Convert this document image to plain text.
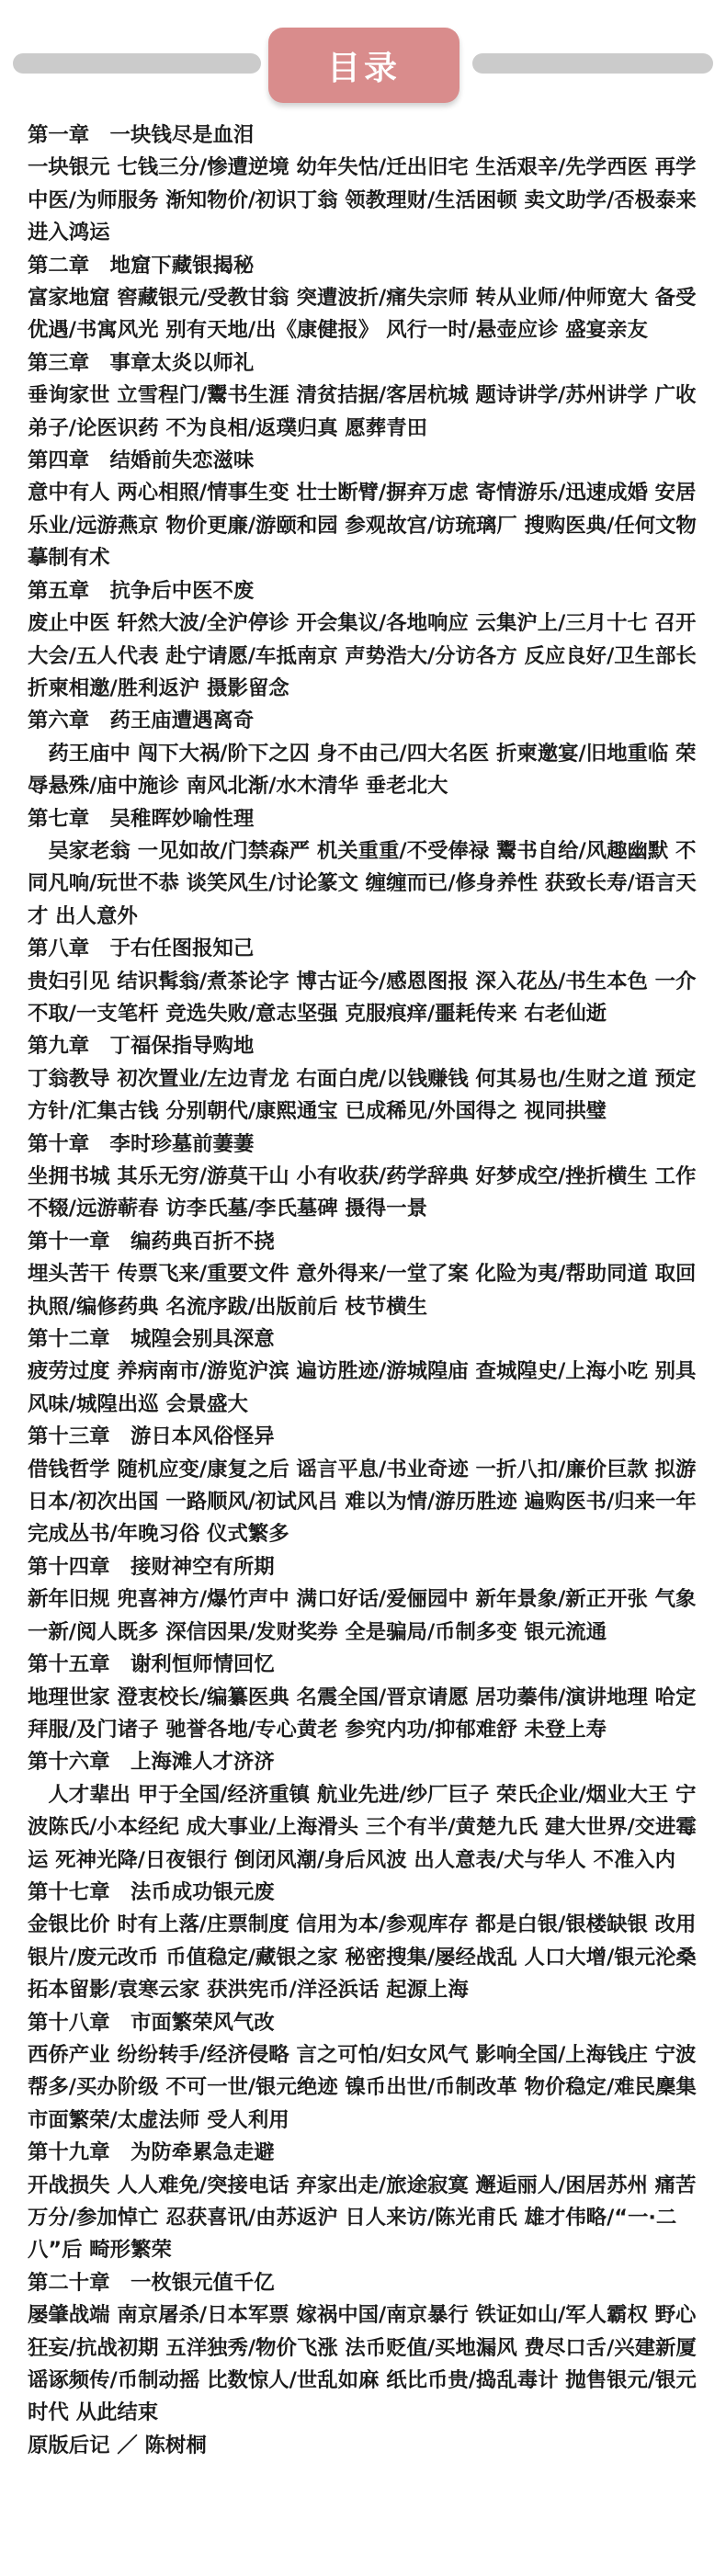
目录

第一章　一块钱尽是血泪

一块银元 七钱三分/惨遭逆境 幼年失怙/迁出旧宅 生活艰辛/先学西医 再学中医/为师服务 渐知物价/初识丁翁 领教理财/生活困顿 卖文助学/否极泰来 进入鸿运

第二章　地窟下藏银揭秘

富家地窟 窖藏银元/受教甘翁 突遭波折/痛失宗师 转从业师/仲师宽大 备受优遇/书寓风光 别有天地/出《康健报》 风行一时/悬壶应诊 盛宴亲友

第三章　事章太炎以师礼

垂询家世 立雪程门/鬻书生涯 清贫拮据/客居杭城 题诗讲学/苏州讲学 广收弟子/论医识药 不为良相/返璞归真 愿葬青田

第四章　结婚前失恋滋味

意中有人 两心相照/情事生变 壮士断臂/摒弃万虑 寄情游乐/迅速成婚 安居乐业/远游燕京 物价更廉/游颐和园 参观故宫/访琉璃厂 搜购医典/任何文物 摹制有术

第五章　抗争后中医不废

废止中医 轩然大波/全沪停诊 开会集议/各地响应 云集沪上/三月十七 召开大会/五人代表 赴宁请愿/车抵南京 声势浩大/分访各方 反应良好/卫生部长 折柬相邀/胜利返沪 摄影留念

第六章　药王庙遭遇离奇

　药王庙中 闯下大祸/阶下之囚 身不由己/四大名医 折柬邀宴/旧地重临 荣辱悬殊/庙中施诊 南风北渐/水木清华 垂老北大

第七章　吴稚晖妙喻性理

　吴家老翁 一见如故/门禁森严 机关重重/不受俸禄 鬻书自给/风趣幽默 不同凡响/玩世不恭 谈笑风生/讨论篆文 缠缠而已/修身养性 获致长寿/语言天才 出人意外

第八章　于右任图报知己

贵妇引见 结识髯翁/煮茶论字 博古证今/感恩图报 深入花丛/书生本色 一介不取/一支笔杆 竞选失败/意志坚强 克服痕痒/噩耗传来 右老仙逝

第九章　丁福保指导购地

丁翁教导 初次置业/左边青龙 右面白虎/以钱赚钱 何其易也/生财之道 预定方针/汇集古钱 分别朝代/康熙通宝 已成稀见/外国得之 视同拱璧

第十章　李时珍墓前萋萋

坐拥书城 其乐无穷/游莫干山 小有收获/药学辞典 好梦成空/挫折横生 工作不辍/远游蕲春 访李氏墓/李氏墓碑 摄得一景

第十一章　编药典百折不挠

埋头苦干 传票飞来/重要文件 意外得来/一堂了案 化险为夷/帮助同道 取回执照/编修药典 名流序跋/出版前后 枝节横生

第十二章　城隍会别具深意

疲劳过度 养病南市/游览沪滨 遍访胜迹/游城隍庙 查城隍史/上海小吃 别具风味/城隍出巡 会景盛大

第十三章　游日本风俗怪异

借钱哲学 随机应变/康复之后 谣言平息/书业奇迹 一折八扣/廉价巨款 拟游日本/初次出国 一路顺风/初试风吕 难以为情/游历胜迹 遍购医书/归来一年 完成丛书/年晚习俗 仪式繁多

第十四章　接财神空有所期

新年旧规 兜喜神方/爆竹声中 满口好话/爱俪园中 新年景象/新正开张 气象一新/阅人既多 深信因果/发财奖券 全是骗局/币制多变 银元流通

第十五章　谢利恒师情回忆

地理世家 澄衷校长/编纂医典 名震全国/晋京请愿 居功蓁伟/演讲地理 哈定拜服/及门诸子 驰誉各地/专心黄老 参究内功/抑郁难舒 未登上寿

第十六章　上海滩人才济济

　人才辈出 甲于全国/经济重镇 航业先进/纱厂巨子 荣氏企业/烟业大王 宁波陈氏/小本经纪 成大事业/上海滑头 三个有半/黄楚九氏 建大世界/交进霉运 死神光降/日夜银行 倒闭风潮/身后风波 出人意表/犬与华人 不准入内

第十七章　法币成功银元废

金银比价 时有上落/庄票制度 信用为本/参观库存 都是白银/银楼缺银 改用银片/废元改币 币值稳定/藏银之家 秘密搜集/屡经战乱 人口大增/银元沦桑 拓本留影/袁寒云家 获洪宪币/洋泾浜话 起源上海

第十八章　市面繁荣风气改

西侨产业 纷纷转手/经济侵略 言之可怕/妇女风气 影响全国/上海钱庄 宁波帮多/买办阶级 不可一世/银元绝迹 镍币出世/币制改革 物价稳定/难民麇集 市面繁荣/太虚法师 受人利用

第十九章　为防牵累急走避

开战损失 人人难免/突接电话 弃家出走/旅途寂寞 邂逅丽人/困居苏州 痛苦万分/参加悼亡 忍获喜讯/由苏返沪 日人来访/陈光甫氏 雄才伟略/“一·二八”后 畸形繁荣

第二十章　一枚银元值千亿

屡肇战端 南京屠杀/日本军票 嫁祸中国/南京暴行 铁证如山/军人霸权 野心狂妄/抗战初期 五洋独秀/物价飞涨 法币贬值/买地漏风 费尽口舌/兴建新厦 谣诼频传/币制动摇 比数惊人/世乱如麻 纸比币贵/捣乱毒计 抛售银元/银元时代 从此结束

原版后记 ／ 陈树桐
